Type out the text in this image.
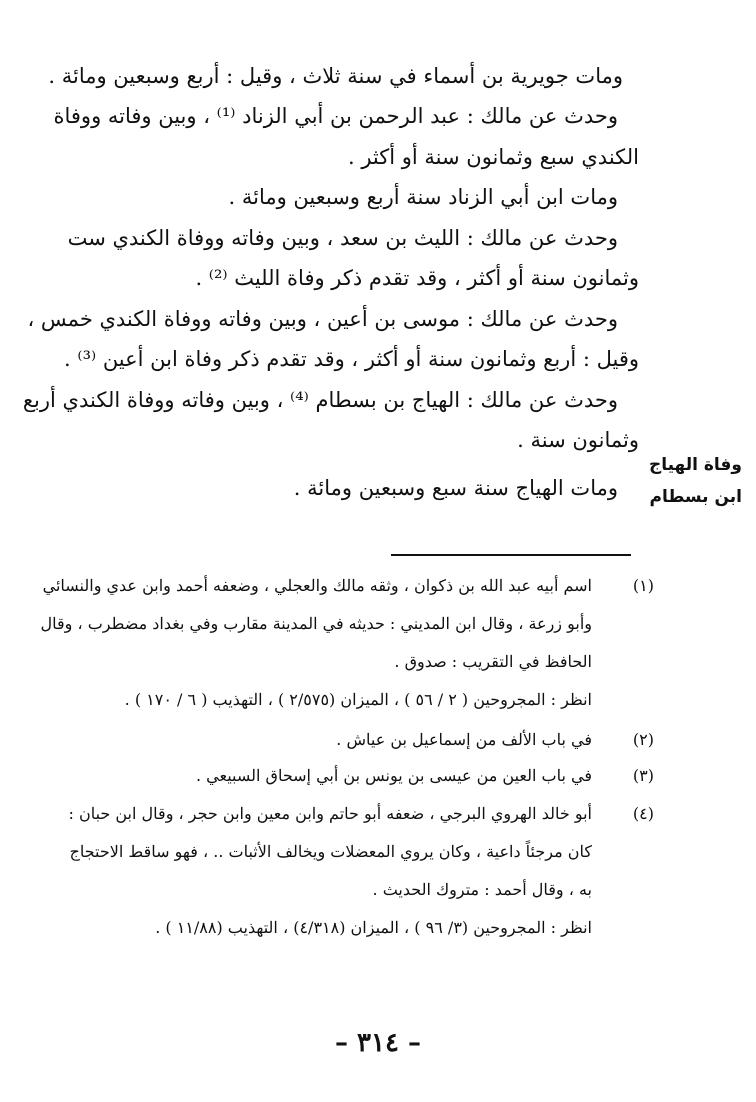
ومات جويرية بن أسماء في سنة ثلاث ، وقيل : أربع وسبعين ومائة .
وحدث عن مالك : عبد الرحمن بن أبي الزناد ⁽¹⁾ ، وبين وفاته ووفاة
الكندي سبع وثمانون سنة أو أكثر .
ومات ابن أبي الزناد سنة أربع وسبعين ومائة .
وحدث عن مالك : الليث بن سعد ، وبين وفاته ووفاة الكندي ست
وثمانون سنة أو أكثر ، وقد تقدم ذكر وفاة الليث ⁽²⁾ .
وحدث عن مالك : موسى بن أعين ، وبين وفاته ووفاة الكندي خمس ،
وقيل : أربع وثمانون سنة أو أكثر ، وقد تقدم ذكر وفاة ابن أعين ⁽³⁾ .
وحدث عن مالك : الهياج بن بسطام ⁽⁴⁾ ، وبين وفاته ووفاة الكندي أربع
وثمانون سنة .
ومات الهياج سنة سبع وسبعين ومائة .
وفاة الهياج
ابن بسطام
(١)
اسم أبيه عبد الله بن ذكوان ، وثقه مالك والعجلي ، وضعفه أحمد وابن عدي والنسائي
وأبو زرعة ، وقال ابن المديني : حديثه في المدينة مقارب وفي بغداد مضطرب ، وقال
الحافظ في التقريب : صدوق .
انظر : المجروحين ( ٢ / ٥٦ ) ، الميزان (٢/٥٧٥ ) ، التهذيب ( ٦ / ١٧٠ ) .
(٢)
في باب الألف من إسماعيل بن عياش .
(٣)
في باب العين من عيسى بن يونس بن أبي إسحاق السبيعي .
(٤)
أبو خالد الهروي البرجي ، ضعفه أبو حاتم وابن معين وابن حجر ، وقال ابن حبان :
كان مرجئاً داعية ، وكان يروي المعضلات ويخالف الأثبات .. ، فهو ساقط الاحتجاج
به ، وقال أحمد : متروك الحديث .
انظر : المجروحين (٣/ ٩٦ ) ، الميزان (٤/٣١٨) ، التهذيب (١١/٨٨ ) .
– ٣١٤ –
